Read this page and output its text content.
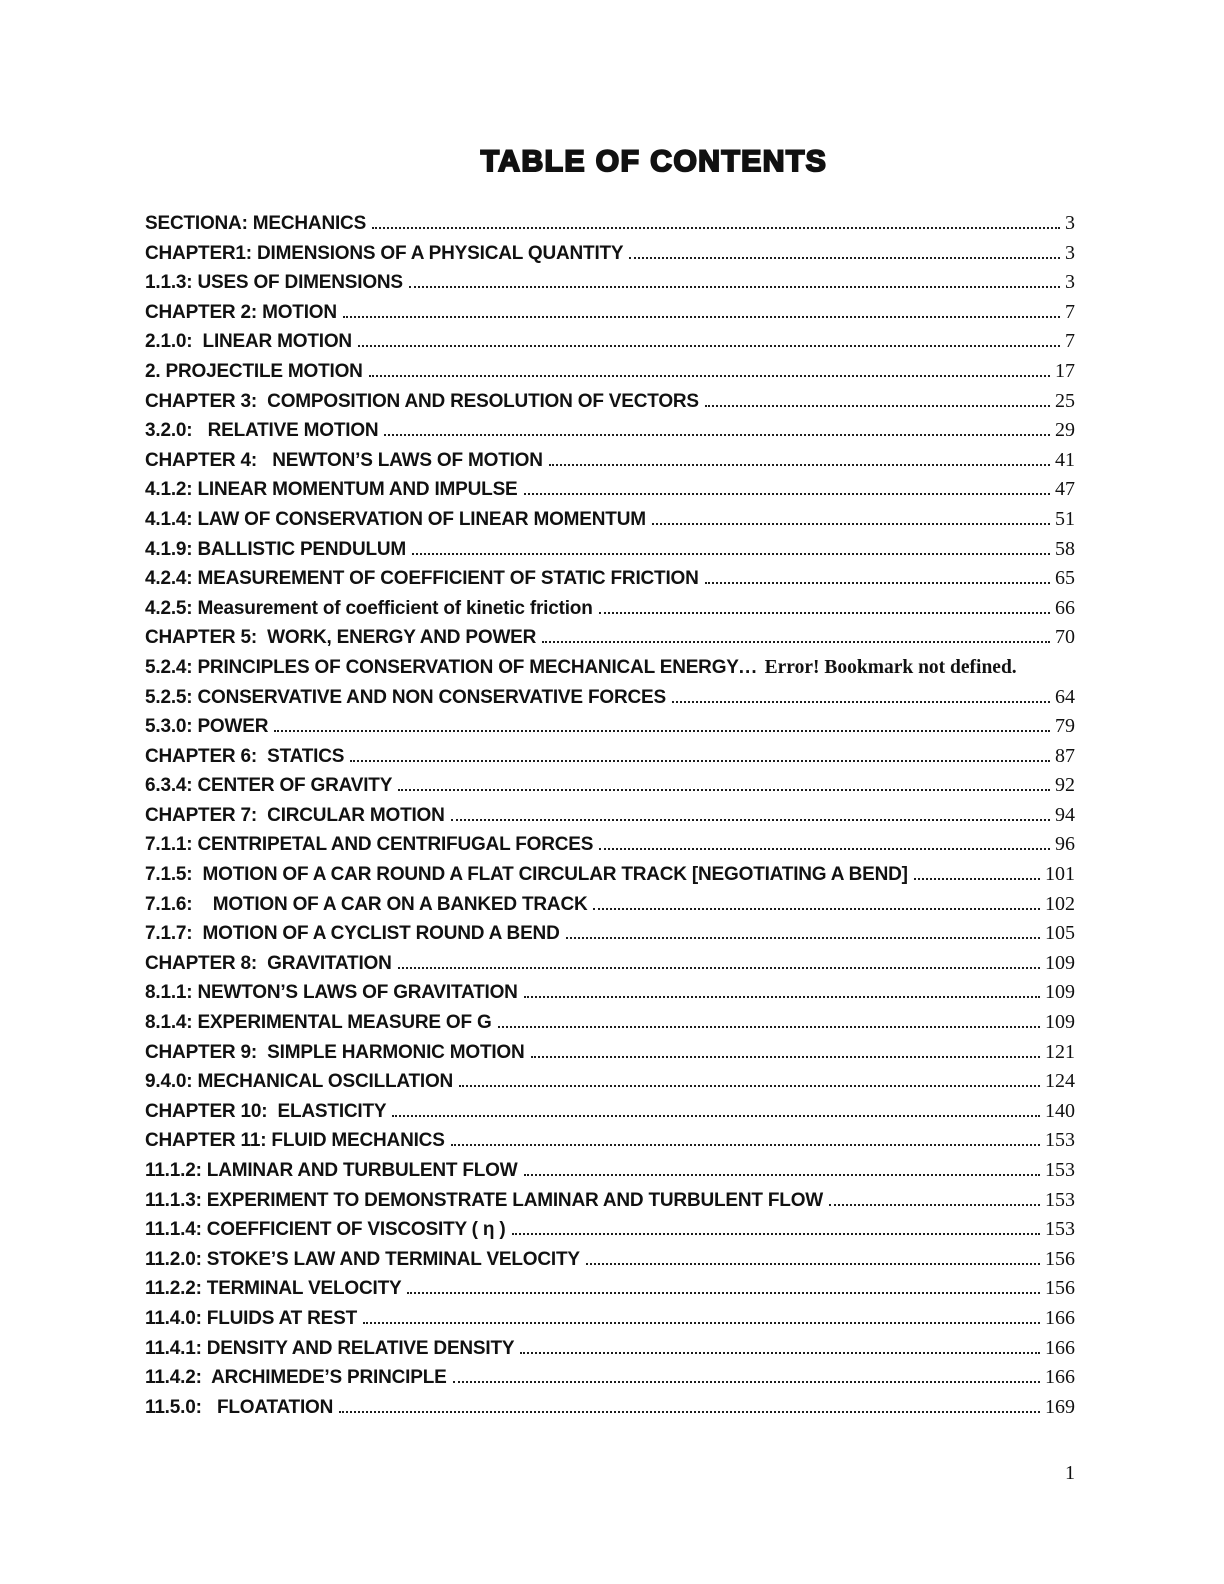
TABLE OF CONTENTS
SECTIONA: MECHANICS	3
CHAPTER1: DIMENSIONS OF A PHYSICAL QUANTITY	3
1.1.3: USES OF DIMENSIONS	3
CHAPTER 2: MOTION	7
2.1.0:  LINEAR MOTION	7
2. PROJECTILE MOTION	17
CHAPTER 3:  COMPOSITION AND RESOLUTION OF VECTORS	25
3.2.0:   RELATIVE MOTION	29
CHAPTER 4:   NEWTON’S LAWS OF MOTION	41
4.1.2: LINEAR MOMENTUM AND IMPULSE	47
4.1.4: LAW OF CONSERVATION OF LINEAR MOMENTUM	51
4.1.9: BALLISTIC PENDULUM	58
4.2.4: MEASUREMENT OF COEFFICIENT OF STATIC FRICTION	65
4.2.5: Measurement of coefficient of kinetic friction	66
CHAPTER 5:  WORK, ENERGY AND POWER	70
5.2.4: PRINCIPLES OF CONSERVATION OF MECHANICAL ENERGY ... Error! Bookmark not defined.
5.2.5: CONSERVATIVE AND NON CONSERVATIVE FORCES	64
5.3.0: POWER	79
CHAPTER 6:  STATICS	87
6.3.4: CENTER OF GRAVITY	92
CHAPTER 7:  CIRCULAR MOTION	94
7.1.1: CENTRIPETAL AND CENTRIFUGAL FORCES	96
7.1.5:  MOTION OF A CAR ROUND A FLAT CIRCULAR TRACK [NEGOTIATING A BEND]	101
7.1.6:    MOTION OF A CAR ON A BANKED TRACK	102
7.1.7:  MOTION OF A CYCLIST ROUND A BEND	105
CHAPTER 8:  GRAVITATION	109
8.1.1: NEWTON’S LAWS OF GRAVITATION	109
8.1.4: EXPERIMENTAL MEASURE OF G	109
CHAPTER 9:  SIMPLE HARMONIC MOTION	121
9.4.0: MECHANICAL OSCILLATION	124
CHAPTER 10:  ELASTICITY	140
CHAPTER 11: FLUID MECHANICS	153
11.1.2: LAMINAR AND TURBULENT FLOW	153
11.1.3: EXPERIMENT TO DEMONSTRATE LAMINAR AND TURBULENT FLOW	153
11.1.4: COEFFICIENT OF VISCOSITY ( η )	153
11.2.0: STOKE’S LAW AND TERMINAL VELOCITY	156
11.2.2: TERMINAL VELOCITY	156
11.4.0: FLUIDS AT REST	166
11.4.1: DENSITY AND RELATIVE DENSITY	166
11.4.2:  ARCHIMEDE’S PRINCIPLE	166
11.5.0:   FLOATATION	169
1
